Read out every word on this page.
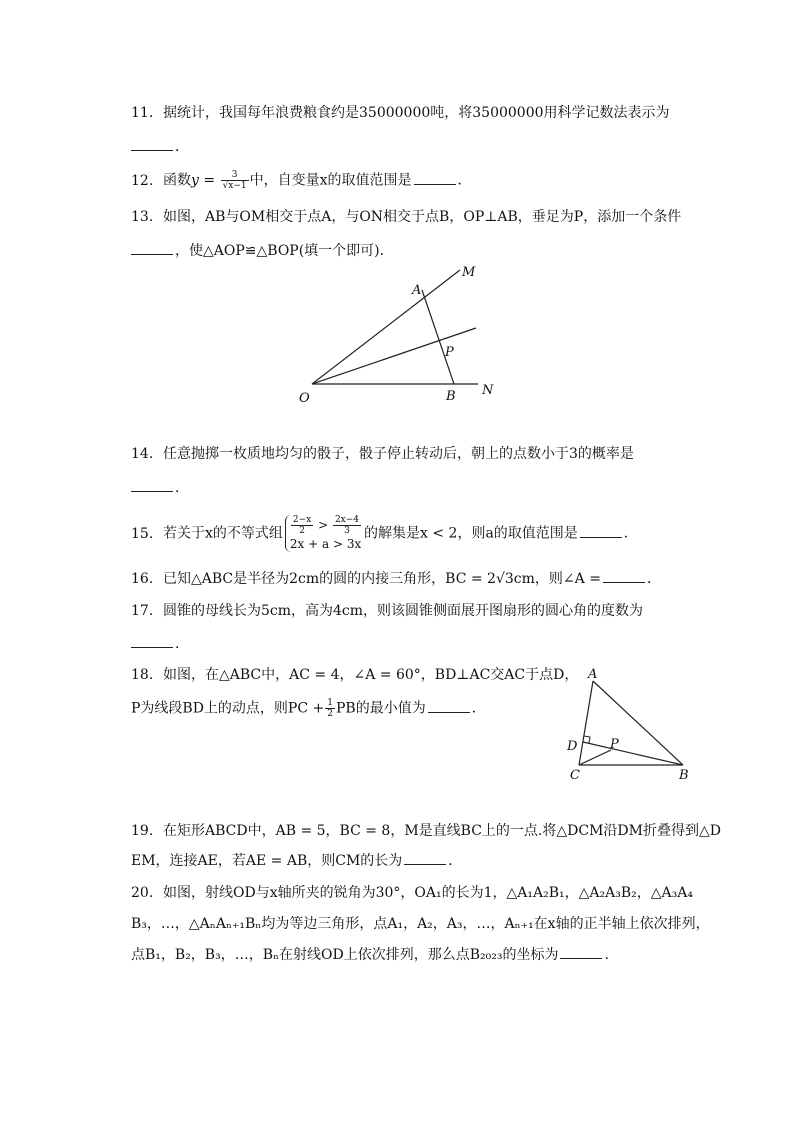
11. 据统计，我国每年浪费粮食约是35000000吨，将35000000用科学记数法表示为
．
12. 函数$y = \frac{3}{√x-1}$ 中，自变量x的取值范围是	．
13. 如图，AB与OM相交于点A，与ON相交于点B，OP⊥AB，垂足为P，添加一个条件
，使△AOP≌△BOP(填一个即可)．
M
A
P
O	B N
14. 任意抛掷一枚质地均匀的骰子，骰子停止转动后，朝上的点数小于3的概率是
．
15. 若关于x的不等式组 $\frac{2-x}{2} > \frac{2x-4}{3}$
2x + a > 3x
的解集是x < 2，则a的取值范围是	．
16. 已知△ABC是半径为2cm的圆的内接三角形，BC = 2√3cm，则∠A =	．
17. 圆锥的母线长为5cm，高为4cm，则该圆锥侧面展开图扇形的圆心角的度数为
．
18. 如图，在△ABC中，AC = 4，∠A = 60°，BD⊥AC交AC于点D，
P为线段BD上的动点，则PC + $\frac{1}{2}$ PB的最小值为	．
A
D	P
C	B
19. 在矩形ABCD中，AB = 5，BC = 8，M是直线BC上的一点.将△DCM沿DM折叠得到△D
EM，连接AE，若AE = AB，则CM的长为	．
20. 如图，射线OD与x轴所夹的锐角为30°，OA₁的长为1，△A₁A₂B₁，△A₂A₃B₂，△A₃A₄
B₃，…，△AₙAₙ₊₁Bₙ均为等边三角形，点A₁，A₂，A₃，…，Aₙ₊₁在x轴的正半轴上依次排列，
点B₁，B₂，B₃，…，Bₙ在射线OD上依次排列，那么点B₂₀₂₃的坐标为	．
